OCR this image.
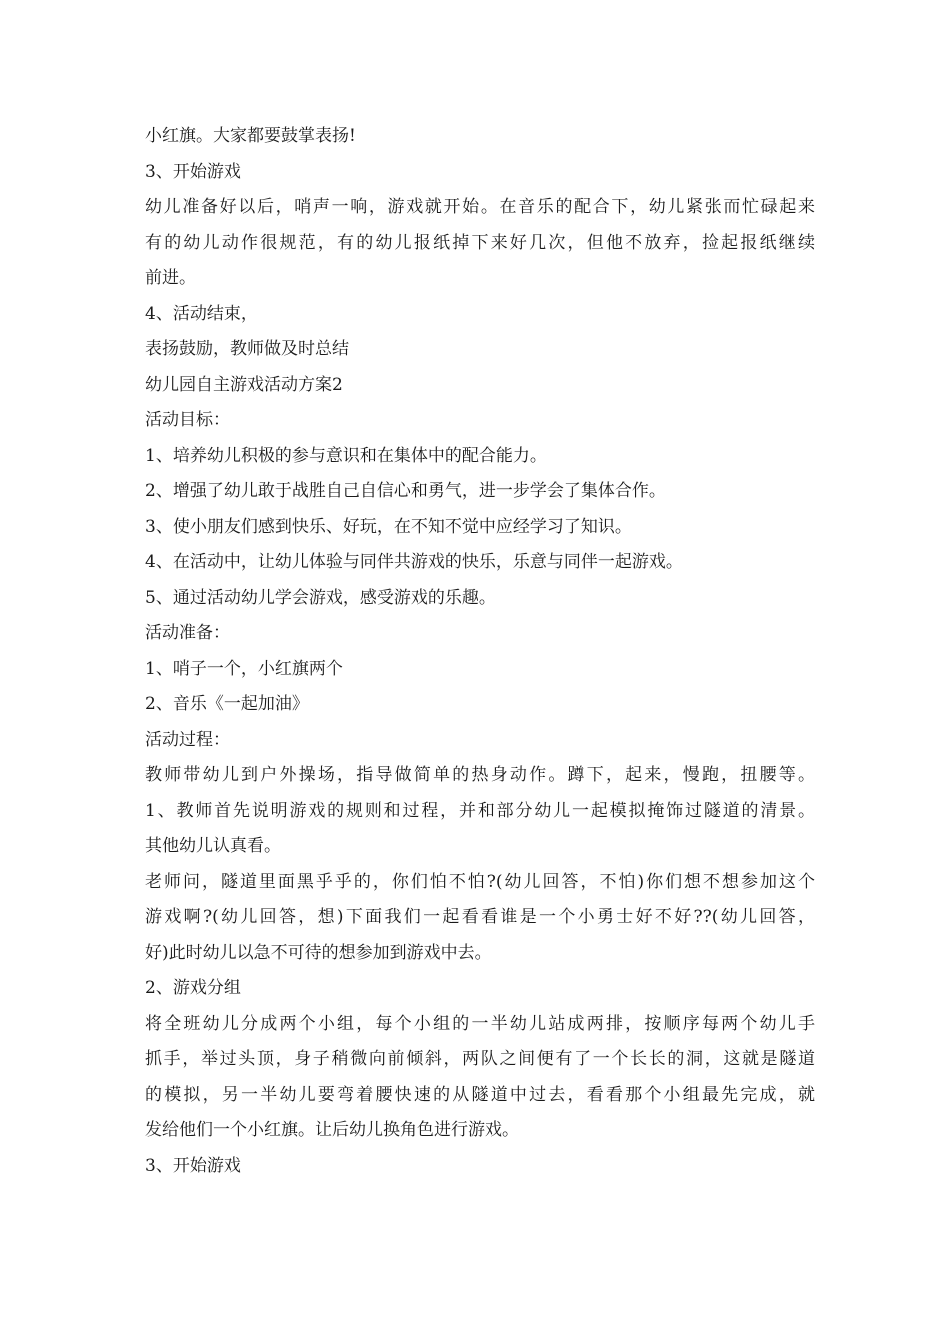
小红旗。大家都要鼓掌表扬!
3、开始游戏
幼儿准备好以后，哨声一响，游戏就开始。在音乐的配合下，幼儿紧张而忙碌起来
有的幼儿动作很规范，有的幼儿报纸掉下来好几次，但他不放弃，捡起报纸继续
前进。
4、活动结束，
表扬鼓励，教师做及时总结
幼儿园自主游戏活动方案2
活动目标：
1、培养幼儿积极的参与意识和在集体中的配合能力。
2、增强了幼儿敢于战胜自己自信心和勇气，进一步学会了集体合作。
3、使小朋友们感到快乐、好玩，在不知不觉中应经学习了知识。
4、在活动中，让幼儿体验与同伴共游戏的快乐，乐意与同伴一起游戏。
5、通过活动幼儿学会游戏，感受游戏的乐趣。
活动准备：
1、哨子一个，小红旗两个
2、音乐《一起加油》
活动过程：
教师带幼儿到户外操场，指导做简单的热身动作。蹲下，起来，慢跑，扭腰等。
1、教师首先说明游戏的规则和过程，并和部分幼儿一起模拟掩饰过隧道的清景。
其他幼儿认真看。
老师问，隧道里面黑乎乎的，你们怕不怕?(幼儿回答，不怕)你们想不想参加这个
游戏啊?(幼儿回答，想)下面我们一起看看谁是一个小勇士好不好??(幼儿回答，
好)此时幼儿以急不可待的想参加到游戏中去。
2、游戏分组
将全班幼儿分成两个小组，每个小组的一半幼儿站成两排，按顺序每两个幼儿手
抓手，举过头顶，身子稍微向前倾斜，两队之间便有了一个长长的洞，这就是隧道
的模拟，另一半幼儿要弯着腰快速的从隧道中过去，看看那个小组最先完成，就
发给他们一个小红旗。让后幼儿换角色进行游戏。
3、开始游戏
